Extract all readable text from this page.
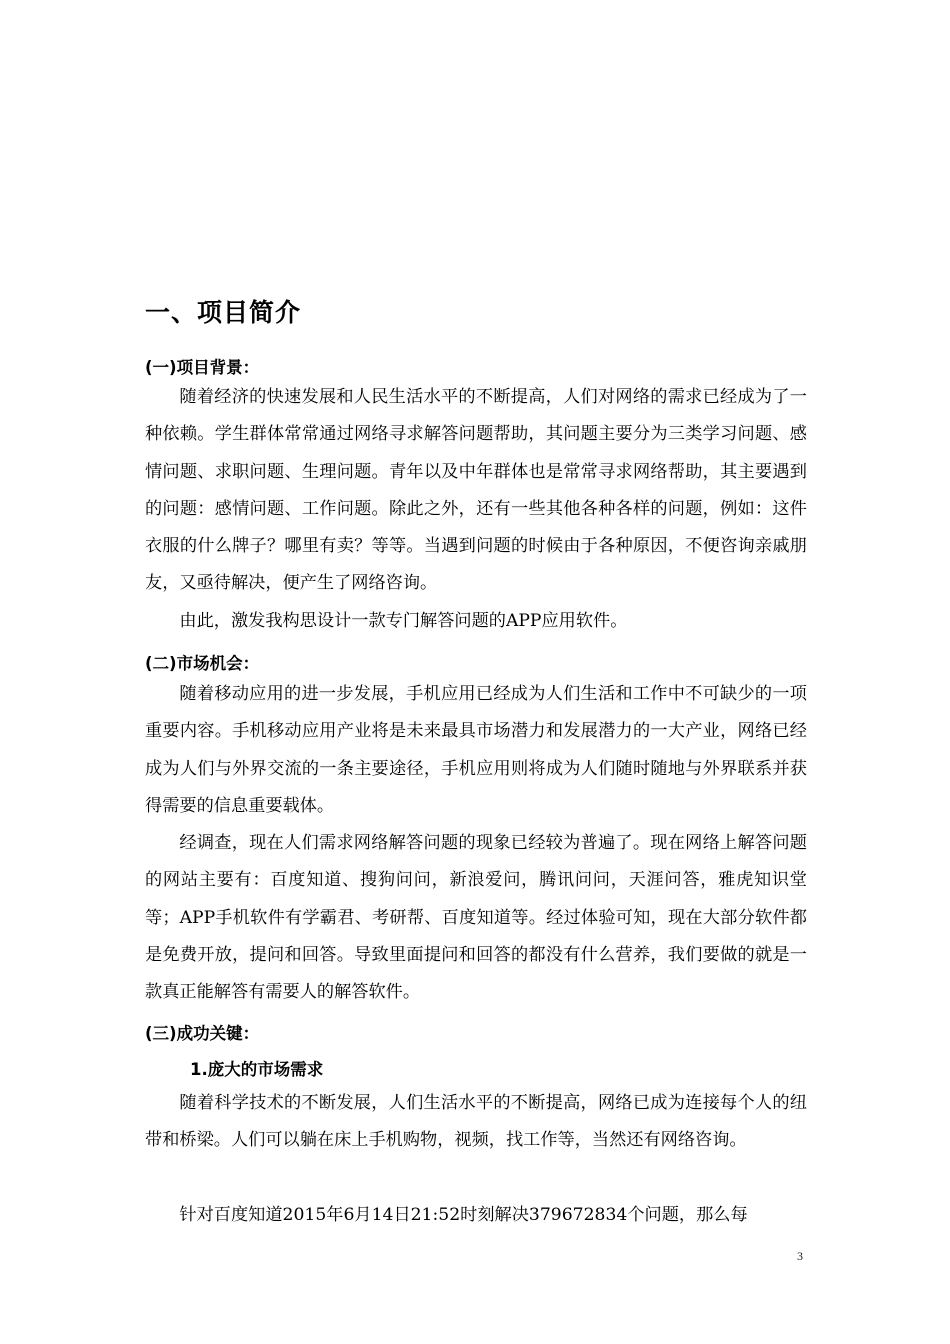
一、项目简介
(一)项目背景：

随着经济的快速发展和人民生活水平的不断提高，人们对网络的需求已经成为了一种依赖。学生群体常常通过网络寻求解答问题帮助，其问题主要分为三类学习问题、感情问题、求职问题、生理问题。青年以及中年群体也是常常寻求网络帮助，其主要遇到的问题：感情问题、工作问题。除此之外，还有一些其他各种各样的问题，例如：这件衣服的什么牌子？哪里有卖？等等。当遇到问题的时候由于各种原因，不便咨询亲戚朋友，又亟待解决，便产生了网络咨询。

由此，激发我构思设计一款专门解答问题的APP应用软件。

(二)市场机会：

随着移动应用的进一步发展，手机应用已经成为人们生活和工作中不可缺少的一项重要内容。手机移动应用产业将是未来最具市场潜力和发展潜力的一大产业，网络已经成为人们与外界交流的一条主要途径，手机应用则将成为人们随时随地与外界联系并获得需要的信息重要载体。

经调查，现在人们需求网络解答问题的现象已经较为普遍了。现在网络上解答问题的网站主要有：百度知道、搜狗问问，新浪爱问，腾讯问问，天涯问答，雅虎知识堂等；APP手机软件有学霸君、考研帮、百度知道等。经过体验可知，现在大部分软件都是免费开放，提问和回答。导致里面提问和回答的都没有什么营养，我们要做的就是一款真正能解答有需要人的解答软件。

(三)成功关键：
1.庞大的市场需求

随着科学技术的不断发展，人们生活水平的不断提高，网络已成为连接每个人的纽带和桥梁。人们可以躺在床上手机购物，视频，找工作等，当然还有网络咨询。

针对百度知道2015年6月14日21:52时刻解决379672834个问题，那么每

3
